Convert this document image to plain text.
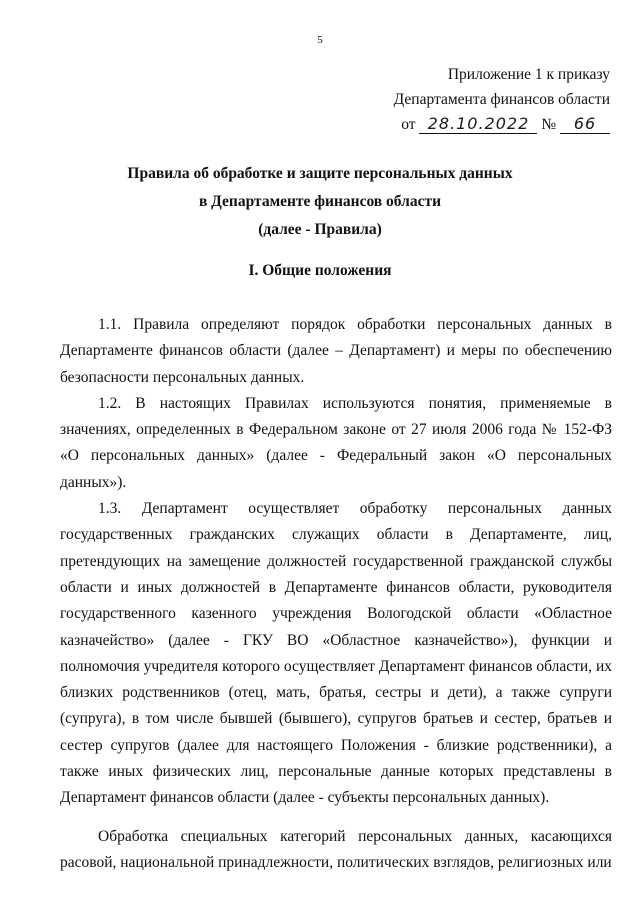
5
Приложение 1 к приказу
Департамента финансов области
от 28.10.2022 № 66
Правила об обработке и защите персональных данных
в Департаменте финансов области
(далее - Правила)
I. Общие положения

1.1. Правила определяют порядок обработки персональных данных в Департаменте финансов области (далее – Департамент) и меры по обеспечению безопасности персональных данных.

1.2. В настоящих Правилах используются понятия, применяемые в значениях, определенных в Федеральном законе от 27 июля 2006 года № 152-ФЗ «О персональных данных» (далее - Федеральный закон «О персональных данных»).

1.3. Департамент осуществляет обработку персональных данных государственных гражданских служащих области в Департаменте, лиц, претендующих на замещение должностей государственной гражданской службы области и иных должностей в Департаменте финансов области, руководителя государственного казенного учреждения Вологодской области «Областное казначейство» (далее - ГКУ ВО «Областное казначейство»), функции и полномочия учредителя которого осуществляет Департамент финансов области, их близких родственников (отец, мать, братья, сестры и дети), а также супруги (супруга), в том числе бывшей (бывшего), супругов братьев и сестер, братьев и сестер супругов (далее для настоящего Положения - близкие родственники), а также иных физических лиц, персональные данные которых представлены в Департамент финансов области (далее - субъекты персональных данных).

Обработка специальных категорий персональных данных, касающихся расовой, национальной принадлежности, политических взглядов, религиозных или
